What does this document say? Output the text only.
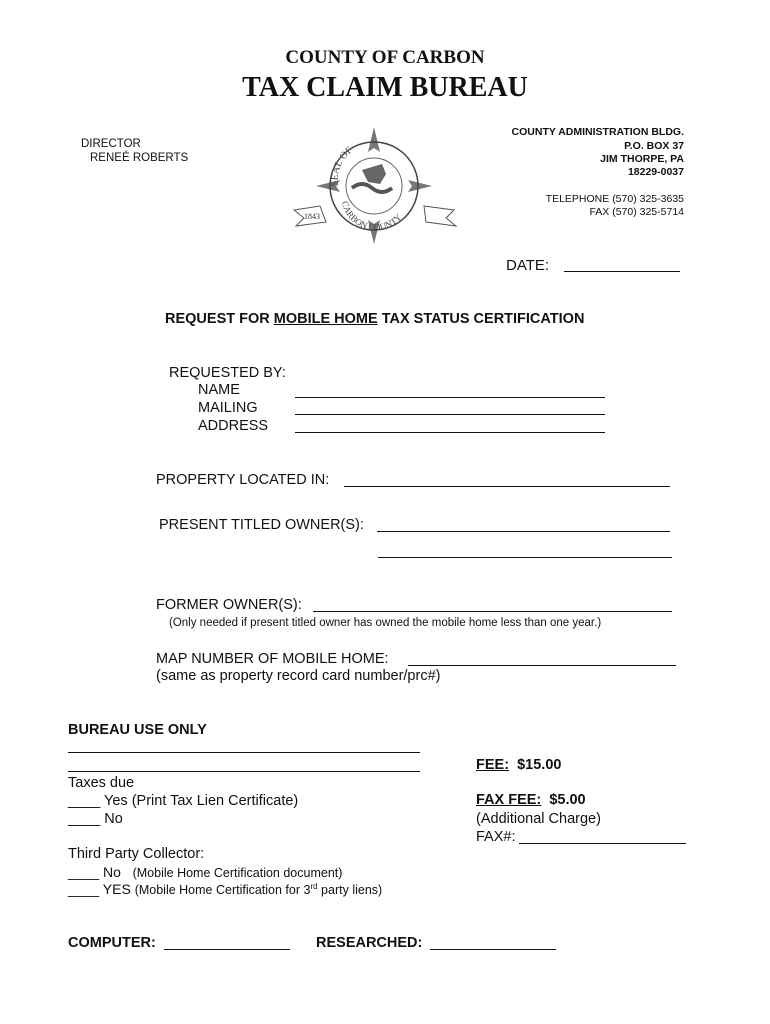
COUNTY OF CARBON
TAX CLAIM BUREAU
DIRECTOR
RENEÉ ROBERTS
COUNTY ADMINISTRATION BLDG.
P.O. BOX 37
JIM THORPE, PA
18229-0037
TELEPHONE (570) 325-3635
FAX (570) 325-5714
SEAL OF
CARBON COUNTY
1843
DATE:
REQUEST FOR MOBILE HOME TAX STATUS CERTIFICATION
REQUESTED BY:
NAME
MAILING
ADDRESS
PROPERTY LOCATED IN:
PRESENT TITLED OWNER(S):
FORMER OWNER(S):
(Only needed if present titled owner has owned the mobile home less than one year.)
MAP NUMBER OF MOBILE HOME:
(same as property record card number/prc#)
BUREAU USE ONLY
Taxes due
____ Yes (Print Tax Lien Certificate)
____ No
Third Party Collector:
____ No (Mobile Home Certification document)
____ YES (Mobile Home Certification for 3rd party liens)
FEE: $15.00
FAX FEE: $5.00
(Additional Charge)
FAX#:
COMPUTER:	RESEARCHED:
